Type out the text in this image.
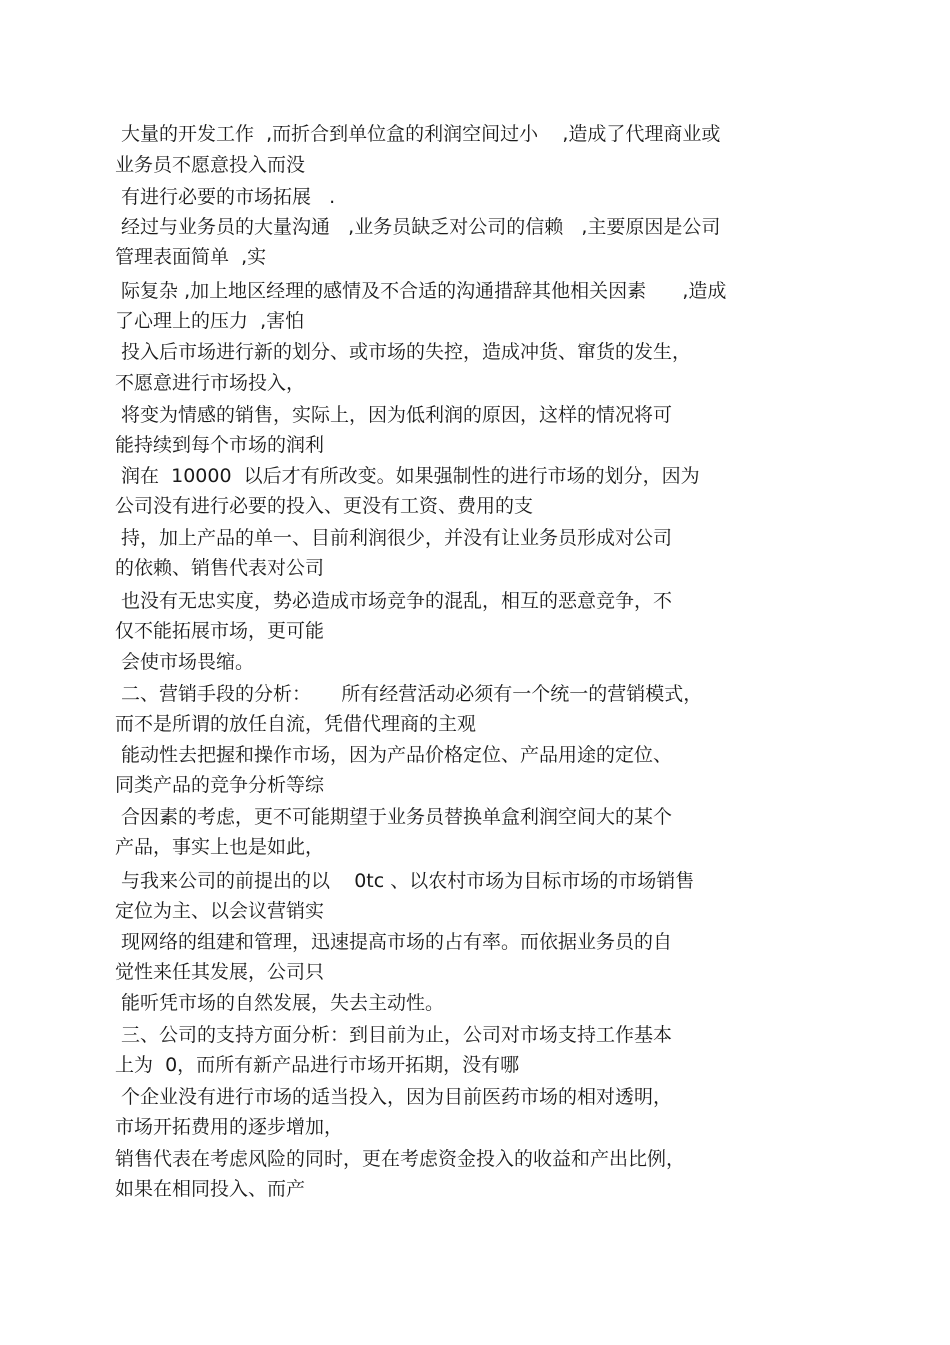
大量的开发工作  ,而折合到单位盒的利润空间过小    ,造成了代理商业或
业务员不愿意投入而没
有进行必要的市场拓展   .
经过与业务员的大量沟通   ,业务员缺乏对公司的信赖   ,主要原因是公司
管理表面简单  ,实
际复杂 ,加上地区经理的感情及不合适的沟通措辞其他相关因素      ,造成
了心理上的压力  ,害怕
投入后市场进行新的划分、或市场的失控，造成冲货、窜货的发生，
不愿意进行市场投入，
将变为情感的销售，实际上，因为低利润的原因，这样的情况将可
能持续到每个市场的润利
润在  10000  以后才有所改变。如果强制性的进行市场的划分，因为
公司没有进行必要的投入、更没有工资、费用的支
持，加上产品的单一、目前利润很少，并没有让业务员形成对公司
的依赖、销售代表对公司
也没有无忠实度，势必造成市场竞争的混乱，相互的恶意竞争，不
仅不能拓展市场，更可能
会使市场畏缩。
二、营销手段的分析：     所有经营活动必须有一个统一的营销模式，
而不是所谓的放任自流，凭借代理商的主观
能动性去把握和操作市场，因为产品价格定位、产品用途的定位、
同类产品的竞争分析等综
合因素的考虑，更不可能期望于业务员替换单盒利润空间大的某个
产品，事实上也是如此，
与我来公司的前提出的以    0tc 、以农村市场为目标市场的市场销售
定位为主、以会议营销实
现网络的组建和管理，迅速提高市场的占有率。而依据业务员的自
觉性来任其发展，公司只
能听凭市场的自然发展，失去主动性。
三、公司的支持方面分析：到目前为止，公司对市场支持工作基本
上为  0，而所有新产品进行市场开拓期，没有哪
个企业没有进行市场的适当投入，因为目前医药市场的相对透明，
市场开拓费用的逐步增加，
销售代表在考虑风险的同时，更在考虑资金投入的收益和产出比例，
如果在相同投入、而产
